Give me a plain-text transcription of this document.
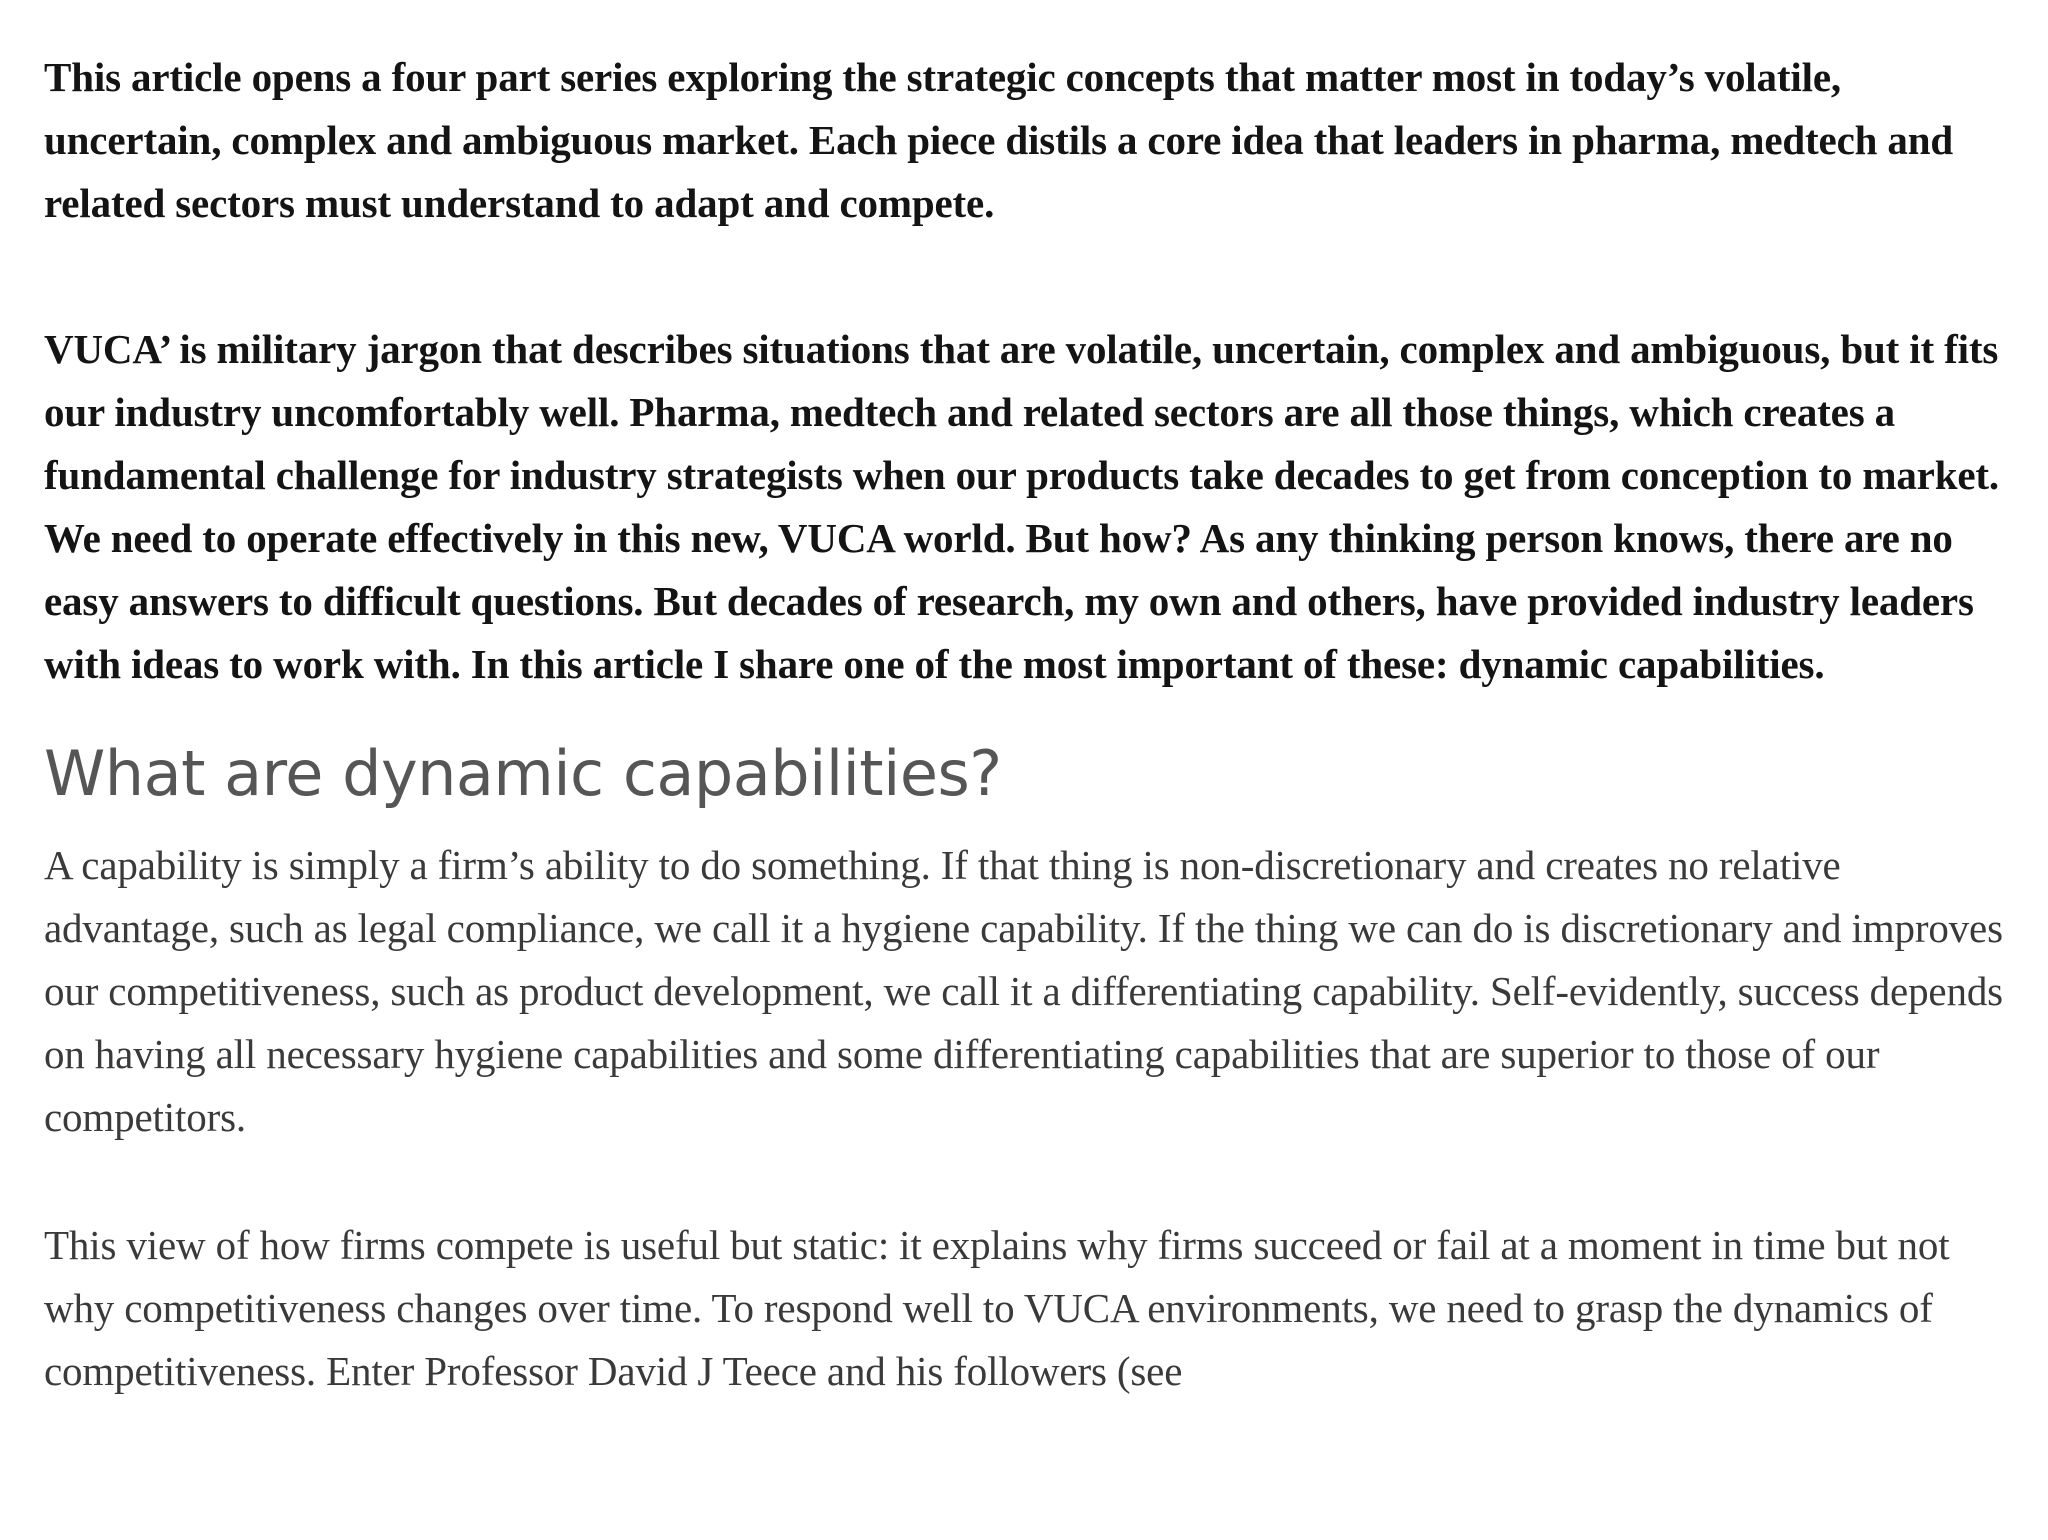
This article opens a four part series exploring the strategic concepts that matter most in today’s volatile, uncertain, complex and ambiguous market. Each piece distils a core idea that leaders in pharma, medtech and related sectors must understand to adapt and compete.

VUCA’ is military jargon that describes situations that are volatile, uncertain, complex and ambiguous, but it fits our industry uncomfortably well. Pharma, medtech and related sectors are all those things, which creates a fundamental challenge for industry strategists when our products take decades to get from conception to market. We need to operate effectively in this new, VUCA world. But how? As any thinking person knows, there are no easy answers to difficult questions. But decades of research, my own and others, have provided industry leaders with ideas to work with. In this article I share one of the most important of these: dynamic capabilities.

What are dynamic capabilities?

A capability is simply a firm’s ability to do something. If that thing is non-discretionary and creates no relative advantage, such as legal compliance, we call it a hygiene capability. If the thing we can do is discretionary and improves our competitiveness, such as product development, we call it a differentiating capability. Self-evidently, success depends on having all necessary hygiene capabilities and some differentiating capabilities that are superior to those of our competitors.

This view of how firms compete is useful but static: it explains why firms succeed or fail at a moment in time but not why competitiveness changes over time. To respond well to VUCA environments, we need to grasp the dynamics of competitiveness. Enter Professor David J Teece and his followers (see
